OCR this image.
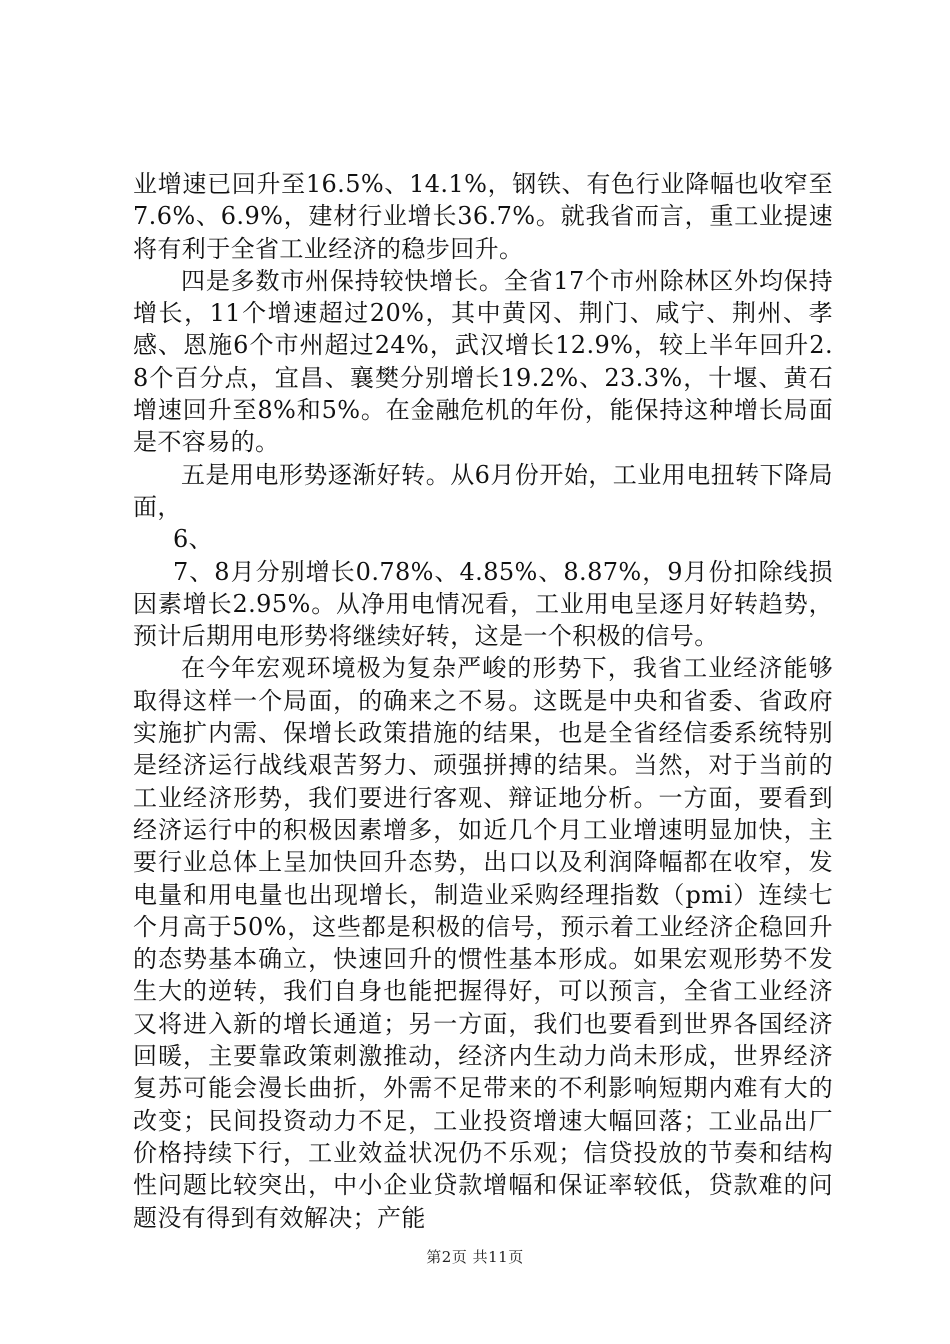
业增速已回升至16.5%、14.1%，钢铁、有色行业降幅也收窄至7.6%、6.9%，建材行业增长36.7%。就我省而言，重工业提速将有利于全省工业经济的稳步回升。

四是多数市州保持较快增长。全省17个市州除林区外均保持增长，11个增速超过20%，其中黄冈、荆门、咸宁、荆州、孝感、恩施6个市州超过24%，武汉增长12.9%，较上半年回升2.8个百分点，宜昌、襄樊分别增长19.2%、23.3%，十堰、黄石增速回升至8%和5%。在金融危机的年份，能保持这种增长局面是不容易的。

五是用电形势逐渐好转。从6月份开始，工业用电扭转下降局面，

6、

7、8月分别增长0.78%、4.85%、8.87%，9月份扣除线损因素增长2.95%。从净用电情况看，工业用电呈逐月好转趋势，预计后期用电形势将继续好转，这是一个积极的信号。

在今年宏观环境极为复杂严峻的形势下，我省工业经济能够取得这样一个局面，的确来之不易。这既是中央和省委、省政府实施扩内需、保增长政策措施的结果，也是全省经信委系统特别是经济运行战线艰苦努力、顽强拼搏的结果。当然，对于当前的工业经济形势，我们要进行客观、辩证地分析。一方面，要看到经济运行中的积极因素增多，如近几个月工业增速明显加快，主要行业总体上呈加快回升态势，出口以及利润降幅都在收窄，发电量和用电量也出现增长，制造业采购经理指数（pmi）连续七个月高于50%，这些都是积极的信号，预示着工业经济企稳回升的态势基本确立，快速回升的惯性基本形成。如果宏观形势不发生大的逆转，我们自身也能把握得好，可以预言，全省工业经济又将进入新的增长通道；另一方面，我们也要看到世界各国经济回暖，主要靠政策刺激推动，经济内生动力尚未形成，世界经济复苏可能会漫长曲折，外需不足带来的不利影响短期内难有大的改变；民间投资动力不足，工业投资增速大幅回落；工业品出厂价格持续下行，工业效益状况仍不乐观；信贷投放的节奏和结构性问题比较突出，中小企业贷款增幅和保证率较低，贷款难的问题没有得到有效解决；产能

第2页 共11页
